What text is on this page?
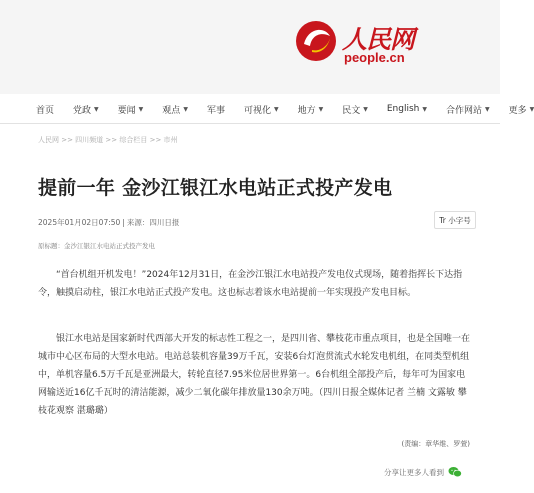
人民网
people.cn
首页 党政 ▼ 要闻 ▼ 观点 ▼ 军事 可视化 ▼ 地方 ▼ 民文 ▼ English ▼ 合作网站 ▼ 更多 ▼
人民网 >> 四川频道 >> 综合栏目 >> 市州
提前一年 金沙江银江水电站正式投产发电
2025年01月02日07:50 | 来源：四川日报	Tr 小字号
原标题：金沙江银江水电站正式投产发电

“首台机组开机发电！”2024年12月31日，在金沙江银江水电站投产发电仪式现场，随着指挥长下达指令，触摸启动柱，银江水电站正式投产发电。这也标志着该水电站提前一年实现投产发电目标。

银江水电站是国家新时代西部大开发的标志性工程之一，是四川省、攀枝花市重点项目，也是全国唯一在城市中心区布局的大型水电站。电站总装机容量39万千瓦，安装6台灯泡贯流式水轮发电机组，在同类型机组中，单机容量6.5万千瓦是亚洲最大，转轮直径7.95米位居世界第一。6台机组全部投产后，每年可为国家电网输送近16亿千瓦时的清洁能源，减少二氧化碳年排放量130余万吨。（四川日报全媒体记者 兰楠 文露敏 攀枝花观察 湛璐璐）

(责编：章华维、罗萱)
分享让更多人看到
